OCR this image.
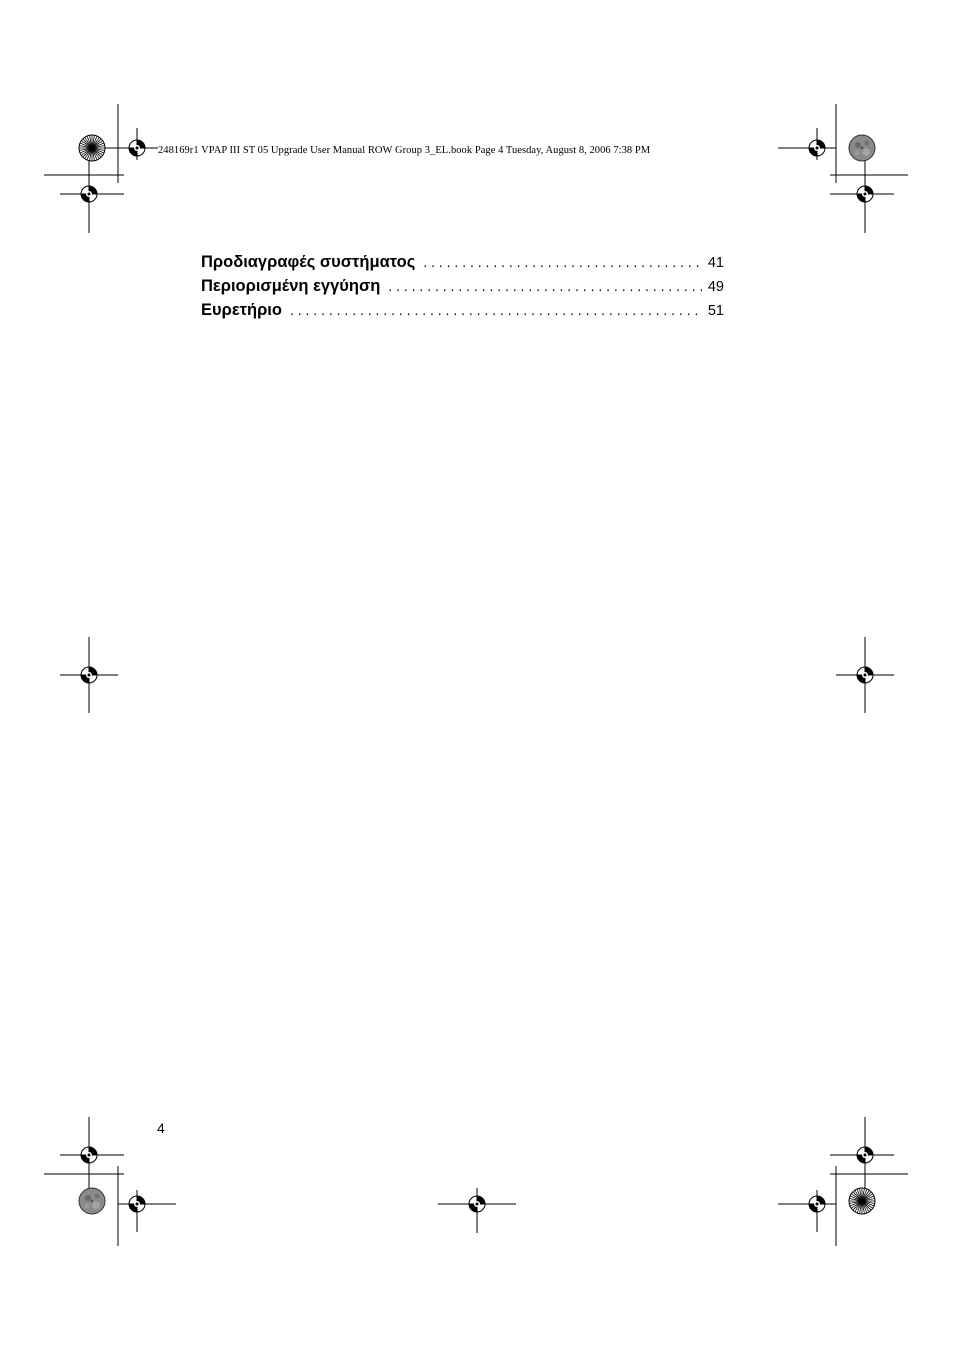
248169r1 VPAP III ST 05 Upgrade User Manual ROW Group 3_EL.book Page 4 Tuesday, August 8, 2006 7:38 PM
Προδιαγραφές συστήματος . . .	41
Περιορισμένη εγγύηση . . .	49
Ευρετήριο . . .	51
4
